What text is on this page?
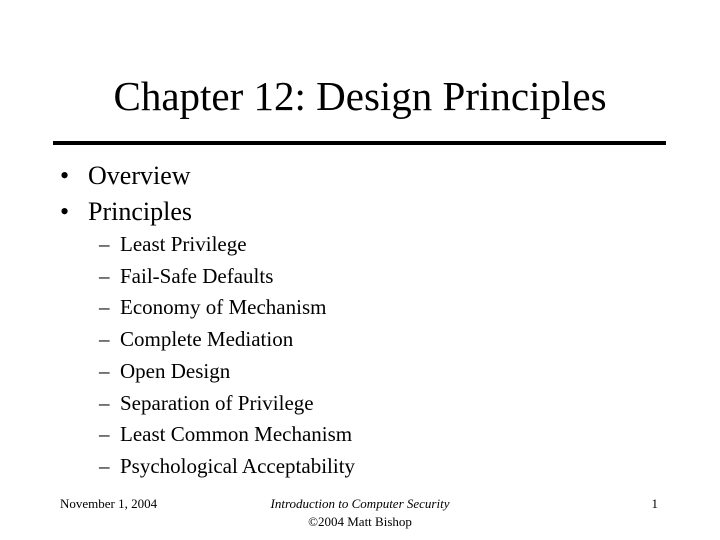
Chapter 12: Design Principles
• Overview
• Principles
– Least Privilege
– Fail-Safe Defaults
– Economy of Mechanism
– Complete Mediation
– Open Design
– Separation of Privilege
– Least Common Mechanism
– Psychological Acceptability
November 1, 2004	Introduction to Computer Security
©2004 Matt Bishop
1
